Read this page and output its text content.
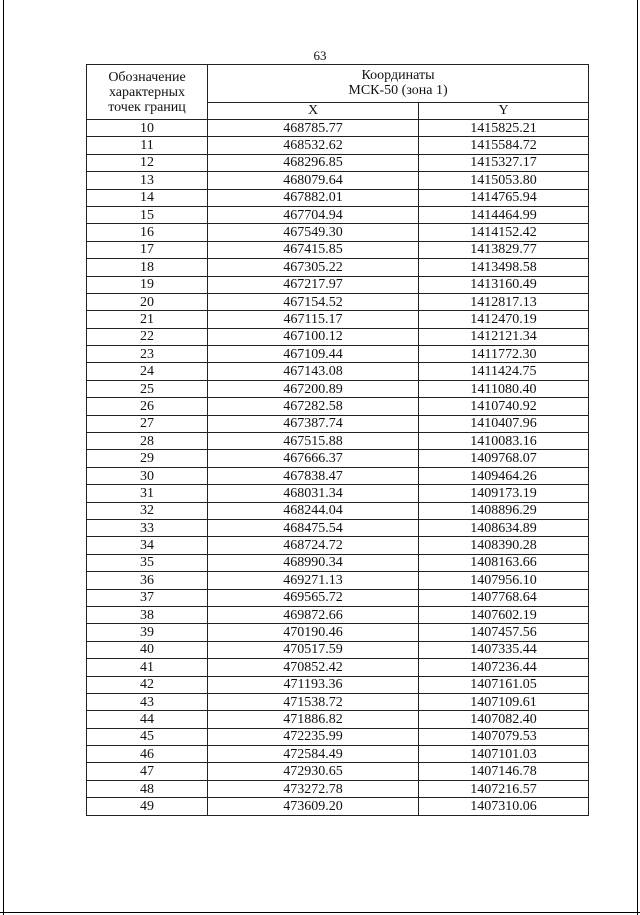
63
Обозначение
характерных
точек границ	Координаты
МСК-50 (зона 1)	

	X	Y
10	468785.77	1415825.21
11	468532.62	1415584.72
12	468296.85	1415327.17
13	468079.64	1415053.80
14	467882.01	1414765.94
15	467704.94	1414464.99
16	467549.30	1414152.42
17	467415.85	1413829.77
18	467305.22	1413498.58
19	467217.97	1413160.49
20	467154.52	1412817.13
21	467115.17	1412470.19
22	467100.12	1412121.34
23	467109.44	1411772.30
24	467143.08	1411424.75
25	467200.89	1411080.40
26	467282.58	1410740.92
27	467387.74	1410407.96
28	467515.88	1410083.16
29	467666.37	1409768.07
30	467838.47	1409464.26
31	468031.34	1409173.19
32	468244.04	1408896.29
33	468475.54	1408634.89
34	468724.72	1408390.28
35	468990.34	1408163.66
36	469271.13	1407956.10
37	469565.72	1407768.64
38	469872.66	1407602.19
39	470190.46	1407457.56
40	470517.59	1407335.44
41	470852.42	1407236.44
42	471193.36	1407161.05
43	471538.72	1407109.61
44	471886.82	1407082.40
45	472235.99	1407079.53
46	472584.49	1407101.03
47	472930.65	1407146.78
48	473272.78	1407216.57
49	473609.20	1407310.06
